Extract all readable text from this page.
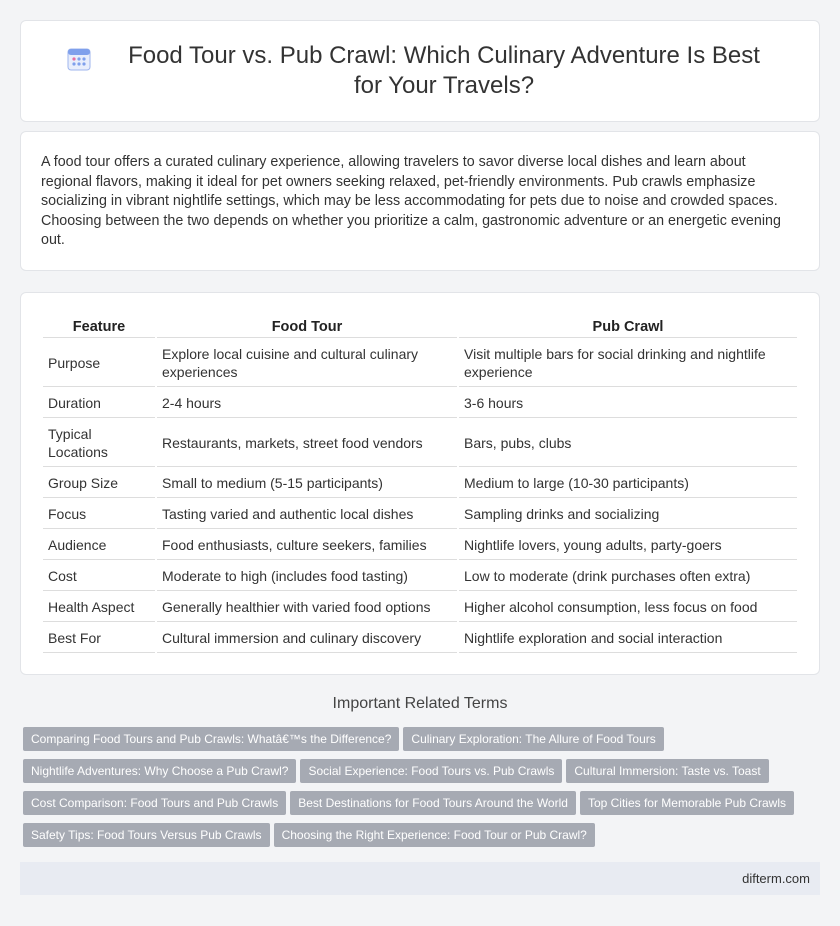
Food Tour vs. Pub Crawl: Which Culinary Adventure Is Best for Your Travels?

A food tour offers a curated culinary experience, allowing travelers to savor diverse local dishes and learn about regional flavors, making it ideal for pet owners seeking relaxed, pet-friendly environments. Pub crawls emphasize socializing in vibrant nightlife settings, which may be less accommodating for pets due to noise and crowded spaces. Choosing between the two depends on whether you prioritize a calm, gastronomic adventure or an energetic evening out.

Feature	Food Tour	Pub Crawl
Purpose	Explore local cuisine and cultural culinary experiences	Visit multiple bars for social drinking and nightlife experience
Duration	2-4 hours	3-6 hours
Typical Locations	Restaurants, markets, street food vendors	Bars, pubs, clubs
Group Size	Small to medium (5-15 participants)	Medium to large (10-30 participants)
Focus	Tasting varied and authentic local dishes	Sampling drinks and socializing
Audience	Food enthusiasts, culture seekers, families	Nightlife lovers, young adults, party-goers
Cost	Moderate to high (includes food tasting)	Low to moderate (drink purchases often extra)
Health Aspect	Generally healthier with varied food options	Higher alcohol consumption, less focus on food
Best For	Cultural immersion and culinary discovery	Nightlife exploration and social interaction
Important Related Terms
Comparing Food Tours and Pub Crawls: Whatâ€™s the Difference? Culinary Exploration: The Allure of Food Tours
Nightlife Adventures: Why Choose a Pub Crawl? Social Experience: Food Tours vs. Pub Crawls Cultural Immersion: Taste vs. Toast
Cost Comparison: Food Tours and Pub Crawls Best Destinations for Food Tours Around the World Top Cities for Memorable Pub Crawls
Safety Tips: Food Tours Versus Pub Crawls Choosing the Right Experience: Food Tour or Pub Crawl?
difterm.com
